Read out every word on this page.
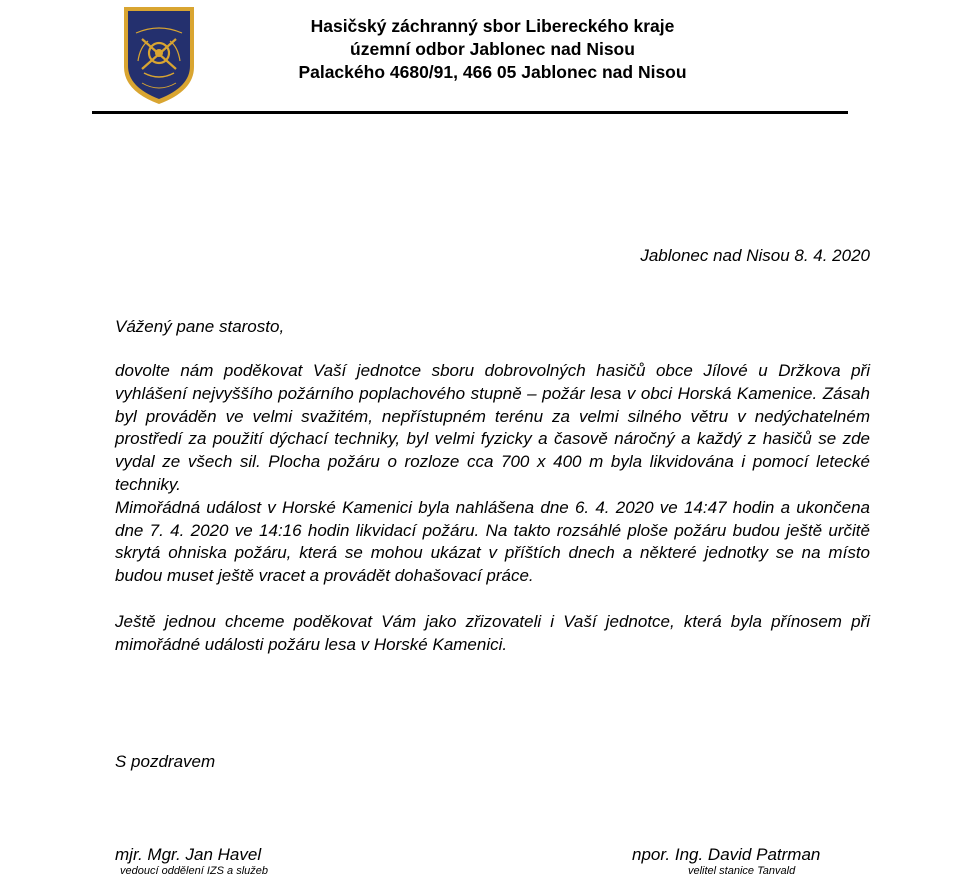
Hasičský záchranný sbor Libereckého kraje
územní odbor Jablonec nad Nisou
Palackého 4680/91, 466 05 Jablonec nad Nisou
Jablonec nad Nisou 8. 4. 2020
Vážený pane starosto,

dovolte nám poděkovat Vaší jednotce sboru dobrovolných hasičů obce Jílové u Držkova při vyhlášení nejvyššího požárního poplachového stupně – požár lesa v obci Horská Kamenice. Zásah byl prováděn ve velmi svažitém, nepřístupném terénu za velmi silného větru v nedýchatelném prostředí za použití dýchací techniky, byl velmi fyzicky a časově náročný a každý z hasičů se zde vydal ze všech sil. Plocha požáru o rozloze cca 700 x 400 m byla likvidována i pomocí letecké techniky.

Mimořádná událost v Horské Kamenici byla nahlášena dne 6. 4. 2020 ve 14:47 hodin a ukončena dne 7. 4. 2020 ve 14:16 hodin likvidací požáru. Na takto rozsáhlé ploše požáru budou ještě určitě skrytá ohniska požáru, která se mohou ukázat v příštích dnech a některé jednotky se na místo budou muset ještě vracet a provádět dohašovací práce.

Ještě jednou chceme poděkovat Vám jako zřizovateli i Vaší jednotce, která byla přínosem při mimořádné události požáru lesa v Horské Kamenici.

S pozdravem
mjr. Mgr. Jan Havel
vedoucí oddělení IZS a služeb
npor. Ing. David Patrman
velitel stanice Tanvald
